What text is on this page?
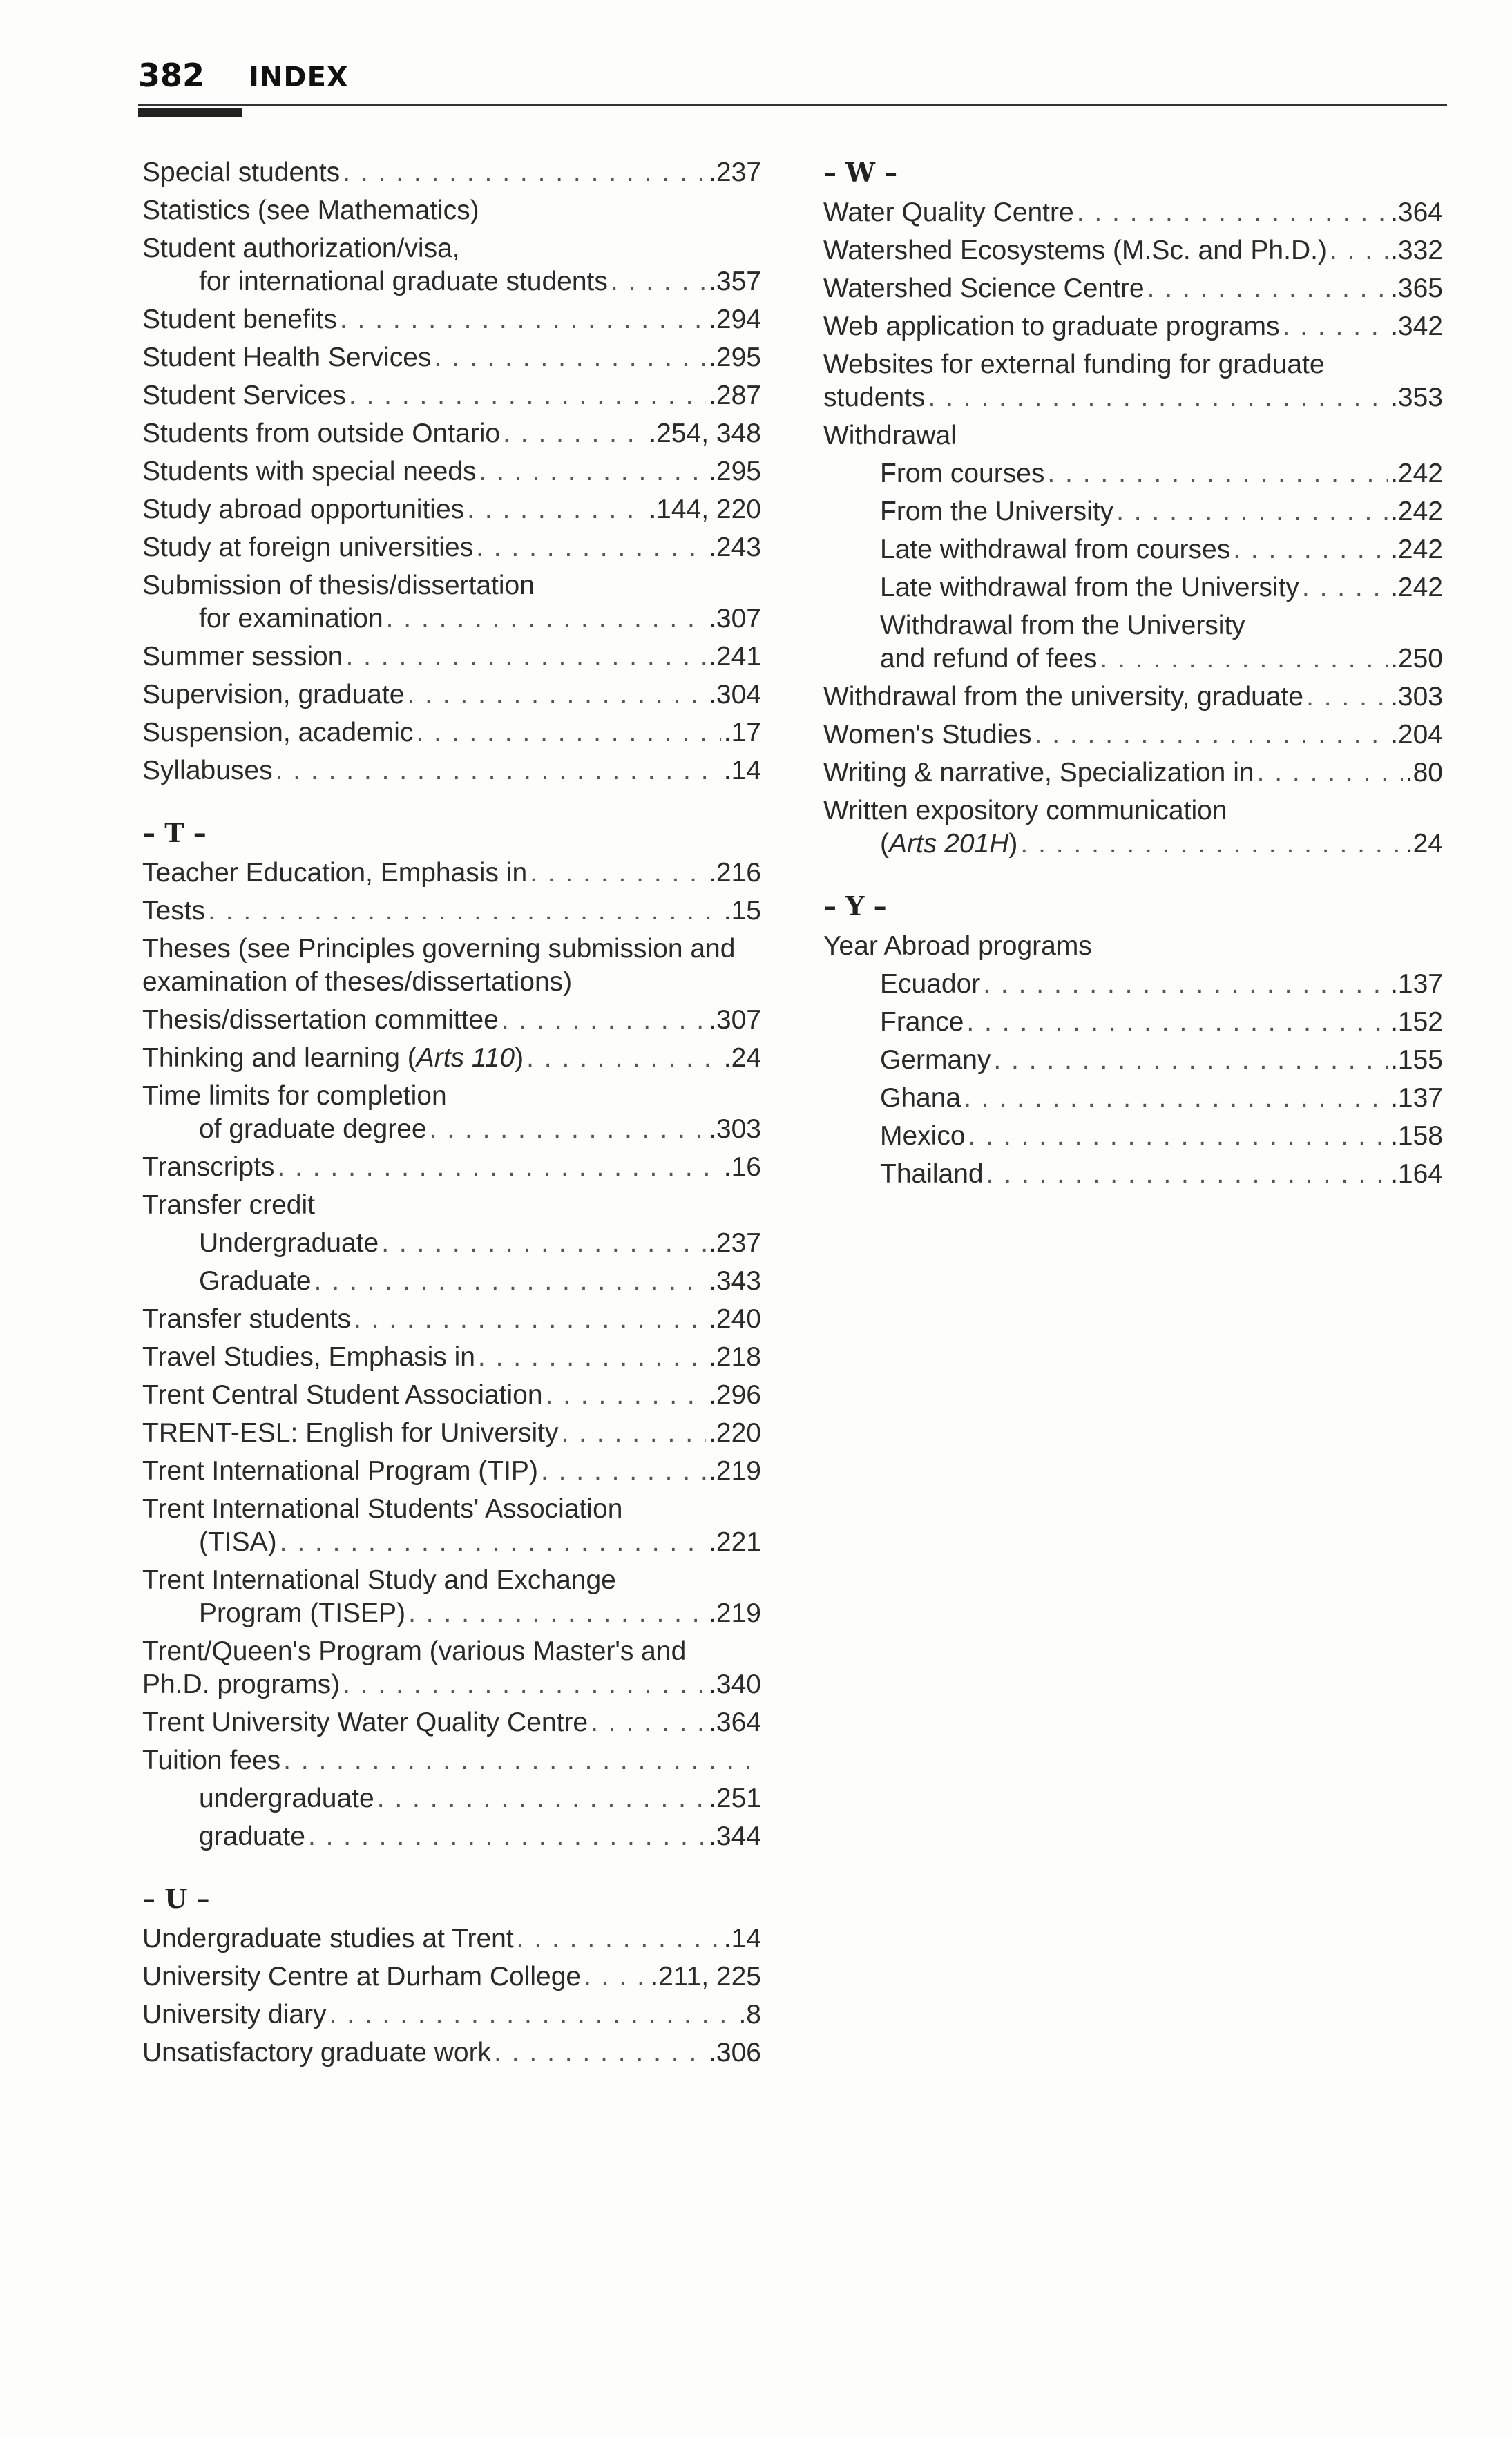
382 INDEX
Special students . . .	.237
Statistics (see Mathematics)
Student authorization/visa,
for international graduate students . . .	.357
Student benefits . . .	.294
Student Health Services . . .	.295
Student Services . . .	.287
Students from outside Ontario . . .	.254, 348
Students with special needs . . .	.295
Study abroad opportunities . . .	.144, 220
Study at foreign universities . . .	.243
Submission of thesis/dissertation
for examination . . .	.307
Summer session . . .	.241
Supervision, graduate . . .	.304
Suspension, academic . . .	.17
Syllabuses . . .	.14
– T –
Teacher Education, Emphasis in . . .	.216
Tests . . .	.15
Theses (see Principles governing submission and
examination of theses/dissertations)
Thesis/dissertation committee . . .	.307
Thinking and learning (Arts 110) . . .	.24
Time limits for completion
of graduate degree . . .	.303
Transcripts . . .	.16
Transfer credit
Undergraduate . . .	.237
Graduate . . .	.343
Transfer students . . .	.240
Travel Studies, Emphasis in . . .	.218
Trent Central Student Association . . .	.296
TRENT-ESL: English for University . . .	.220
Trent International Program (TIP) . . .	.219
Trent International Students' Association
(TISA) . . .	.221
Trent International Study and Exchange
Program (TISEP) . . .	.219
Trent/Queen's Program (various Master's and
Ph.D. programs) . . .	.340
Trent University Water Quality Centre . . .	.364
Tuition fees
. . .
undergraduate . . .	.251
graduate . . .	.344
– U –
Undergraduate studies at Trent . . .	.14
University Centre at Durham College . . .	.211, 225
University diary . . .	.8
Unsatisfactory graduate work . . .	.306
– W –
Water Quality Centre . . .	.364
Watershed Ecosystems (M.Sc. and Ph.D.) . . . .332
Watershed Science Centre . . .	.365
Web application to graduate programs . . .	.342
Websites for external funding for graduate
students . . .	.353
Withdrawal
From courses . . .	.242
From the University . . .	.242
Late withdrawal from courses . . .	.242
Late withdrawal from the University . . .	.242
Withdrawal from the University
and refund of fees . . .	.250
Withdrawal from the university, graduate . . .	.303
Women's Studies . . .	.204
Writing & narrative, Specialization in . . .	.80
Written expository communication
(Arts 201H) . . .	.24
– Y –
Year Abroad programs
Ecuador . . .	.137
France . . .	.152
Germany . . .	.155
Ghana . . .	.137
Mexico . . .	.158
Thailand . . .	.164
